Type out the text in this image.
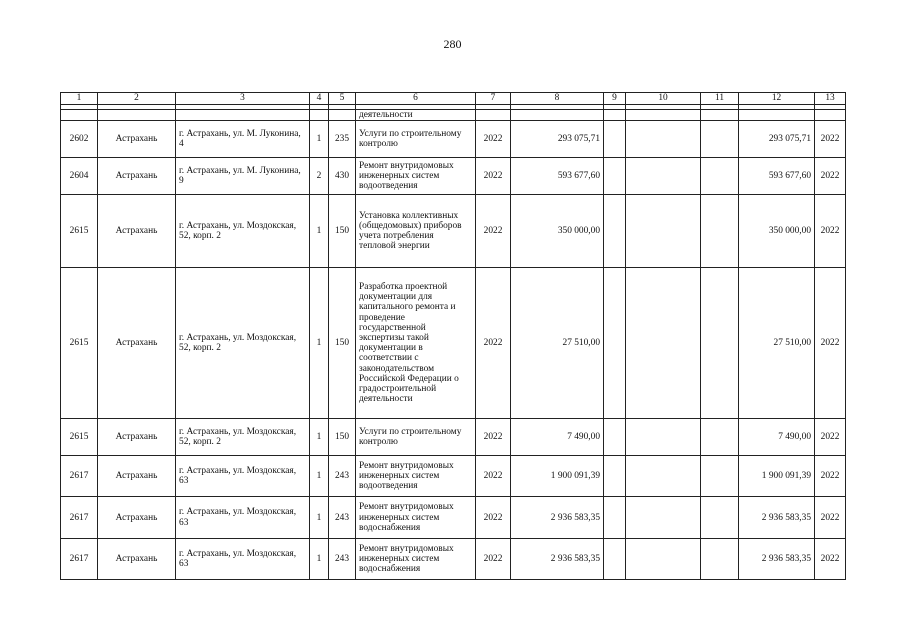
280
1	2	3	4	5	6	7	8	9	10	11	12	13

					деятельности							
2602	Астрахань	г. Астрахань, ул. М. Луконина, 4	1	235	Услуги по строительному контролю	2022	293 075,71				293 075,71	2022
2604	Астрахань	г. Астрахань, ул. М. Луконина, 9	2	430	Ремонт внутридомовых инженерных систем водоотведения	2022	593 677,60				593 677,60	2022
2615	Астрахань	г. Астрахань, ул. Моздокская, 52, корп. 2	1	150	Установка коллективных (общедомовых) приборов учета потребления тепловой энергии	2022	350 000,00				350 000,00	2022
2615	Астрахань	г. Астрахань, ул. Моздокская, 52, корп. 2	1	150	Разработка проектной документации для капитального ремонта и проведение государственной экспертизы такой документации в соответствии с законодательством Российской Федерации о градостроительной деятельности	2022	27 510,00				27 510,00	2022
2615	Астрахань	г. Астрахань, ул. Моздокская, 52, корп. 2	1	150	Услуги по строительному контролю	2022	7 490,00				7 490,00	2022
2617	Астрахань	г. Астрахань, ул. Моздокская, 63	1	243	Ремонт внутридомовых инженерных систем водоотведения	2022	1 900 091,39				1 900 091,39	2022
2617	Астрахань	г. Астрахань, ул. Моздокская, 63	1	243	Ремонт внутридомовых инженерных систем водоснабжения	2022	2 936 583,35				2 936 583,35	2022
2617	Астрахань	г. Астрахань, ул. Моздокская, 63	1	243	Ремонт внутридомовых инженерных систем водоснабжения	2022	2 936 583,35				2 936 583,35	2022
